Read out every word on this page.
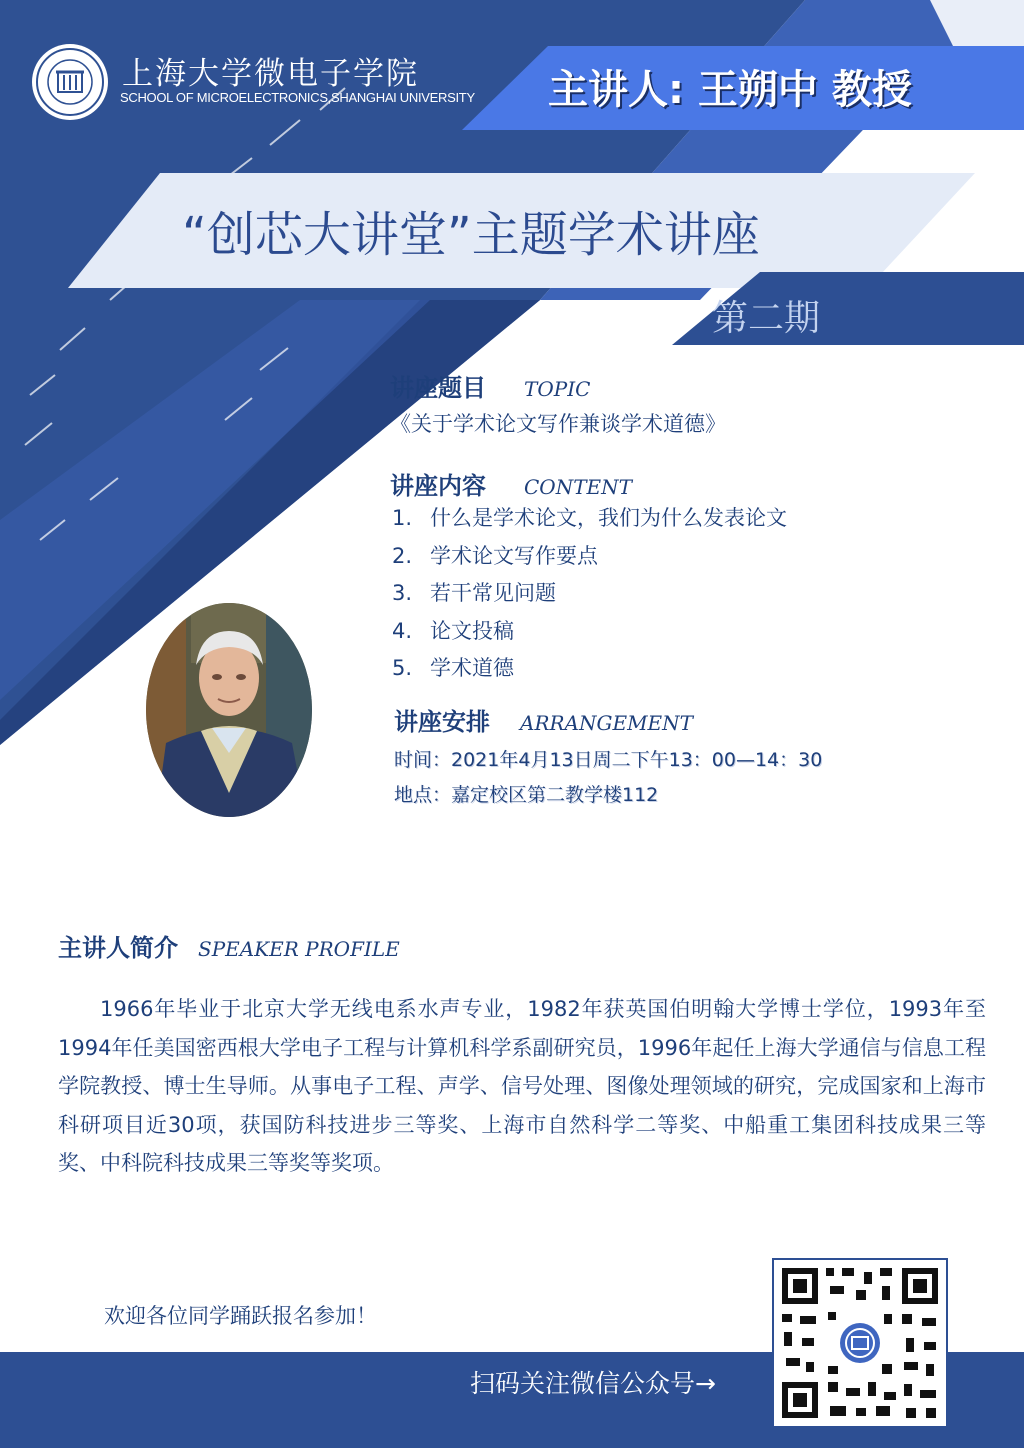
上海大学微电子学院
SCHOOL OF MICROELECTRONICS,SHANGHAI UNIVERSITY 主讲人: 王朔中 教授
“创芯大讲堂”主题学术讲座
第二期
讲座题目 TOPIC
《关于学术论文写作兼谈学术道德》
讲座内容 CONTENT
1. 什么是学术论文，我们为什么发表论文
2. 学术论文写作要点
3. 若干常见问题
4. 论文投稿
5. 学术道德
讲座安排 ARRANGEMENT
时间：2021年4月13日周二下午13：00—14：30
地点：嘉定校区第二教学楼112
主讲人简介 SPEAKER PROFILE

1966年毕业于北京大学无线电系水声专业，1982年获英国伯明翰大学博士学位，1993年至1994年任美国密西根大学电子工程与计算机科学系副研究员，1996年起任上海大学通信与信息工程学院教授、博士生导师。从事电子工程、声学、信号处理、图像处理领域的研究，完成国家和上海市科研项目近30项，获国防科技进步三等奖、上海市自然科学二等奖、中船重工集团科技成果三等奖、中科院科技成果三等奖等奖项。

欢迎各位同学踊跃报名参加！
扫码关注微信公众号→
